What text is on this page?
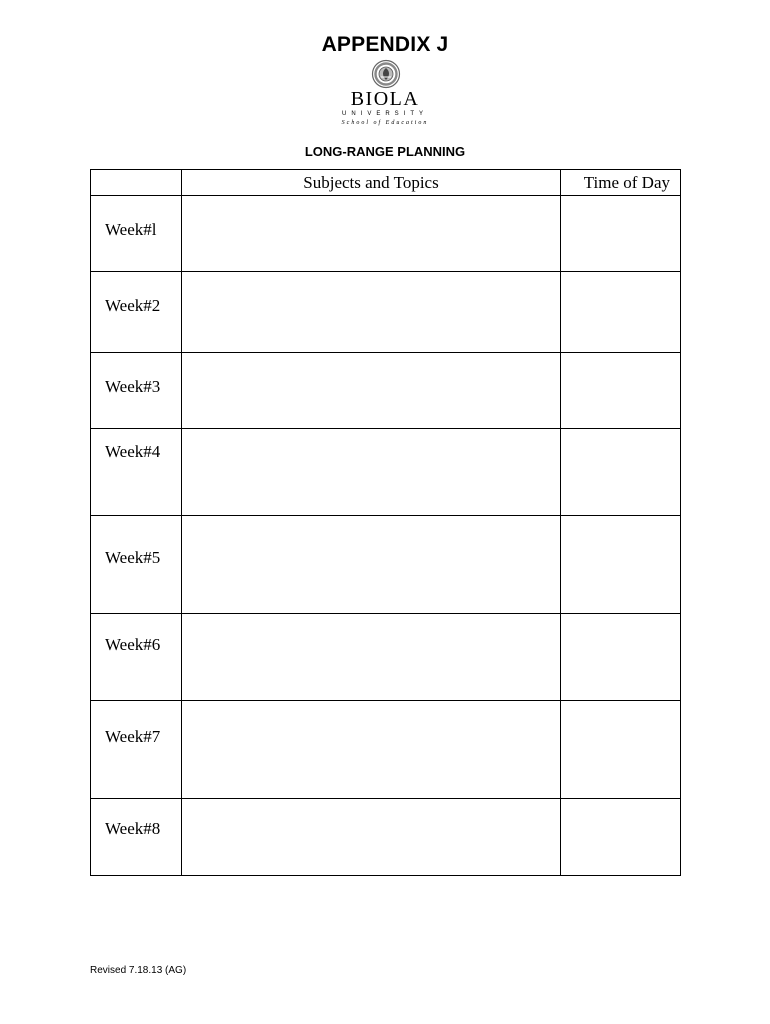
APPENDIX J
BIOLA
UNIVERSITY
School of Education
LONG-RANGE PLANNING
	Subjects and Topics	Time of Day
Week#l		
Week#2		
Week#3		
Week#4		
Week#5		
Week#6		
Week#7		
Week#8		
Revised 7.18.13 (AG)
